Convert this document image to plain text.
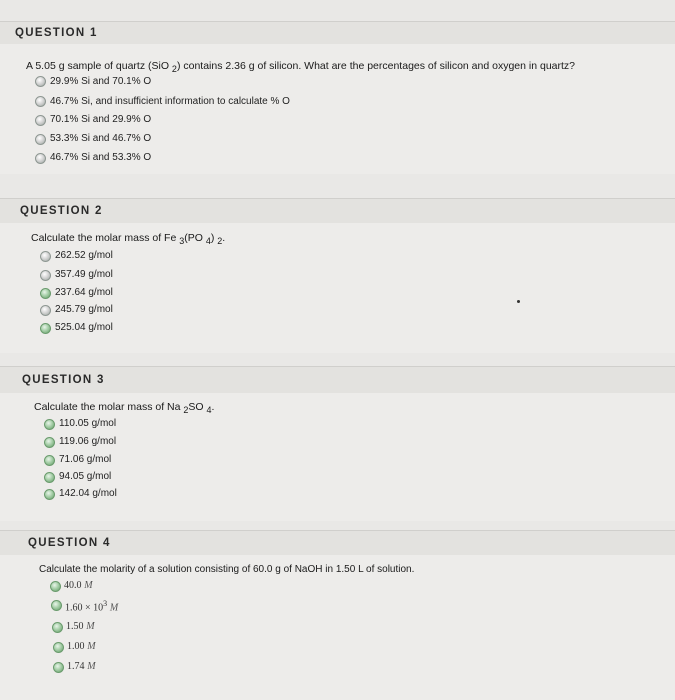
QUESTION 1
A 5.05 g sample of quartz (SiO $_2$) contains 2.36 g of silicon. What are the percentages of silicon and oxygen in quartz?
29.9% Si and 70.1% O
46.7% Si, and insufficient information to calculate % O
70.1% Si and 29.9% O
53.3% Si and 46.7% O
46.7% Si and 53.3% O
QUESTION 2
Calculate the molar mass of Fe $_3$(PO $_4$) $_2$.
262.52 g/mol
357.49 g/mol
237.64 g/mol
245.79 g/mol
525.04 g/mol
QUESTION 3
Calculate the molar mass of Na $_2$SO $_4$.
110.05 g/mol
119.06 g/mol
71.06 g/mol
94.05 g/mol
142.04 g/mol
QUESTION 4
Calculate the molarity of a solution consisting of 60.0 g of NaOH in 1.50 L of solution.
40.0 M
$1.60 \times 10^3$ M
1.50 M
1.00 M
1.74 M
